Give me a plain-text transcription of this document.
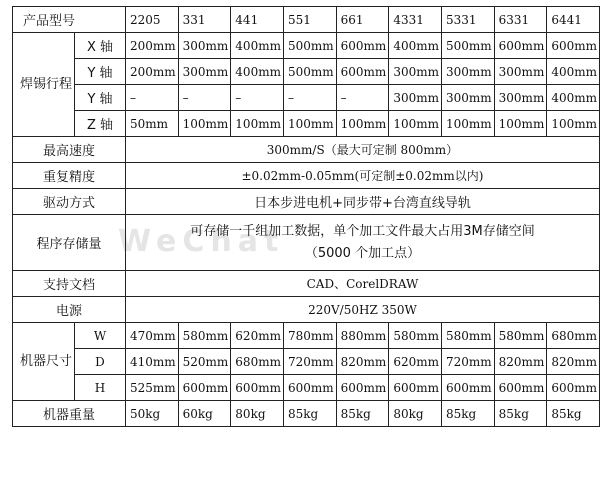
WeChat
产品型号		2205	331	441	551	661	4331	5331	6331	6441
焊锡行程	X 轴	200mm	300mm	400mm	500mm	600mm	400mm	500mm	600mm	600mm
	Y 轴	200mm	300mm	400mm	500mm	600mm	300mm	300mm	300mm	400mm
	Y 轴	–	–	–	–	–	300mm	300mm	300mm	400mm
	Z 轴	50mm	100mm	100mm	100mm	100mm	100mm	100mm	100mm	100mm
最高速度		300mm/S（最大可定制 800mm）								
重复精度		±0.02mm-0.05mm(可定制±0.02mm以内)								
驱动方式		日本步进电机+同步带+台湾直线导轨								
程序存储量		可存储一千组加工数据，单个加工文件最大占用3M存储空间
（5000 个加工点）								

支持文档		CAD、CorelDRAW								
电源		220V/50HZ 350W								
机器尺寸	W	470mm	580mm	620mm	780mm	880mm	580mm	580mm	580mm	680mm
	D	410mm	520mm	680mm	720mm	820mm	620mm	720mm	820mm	820mm
	H	525mm	600mm	600mm	600mm	600mm	600mm	600mm	600mm	600mm
机器重量		50kg	60kg	80kg	85kg	85kg	80kg	85kg	85kg	85kg
